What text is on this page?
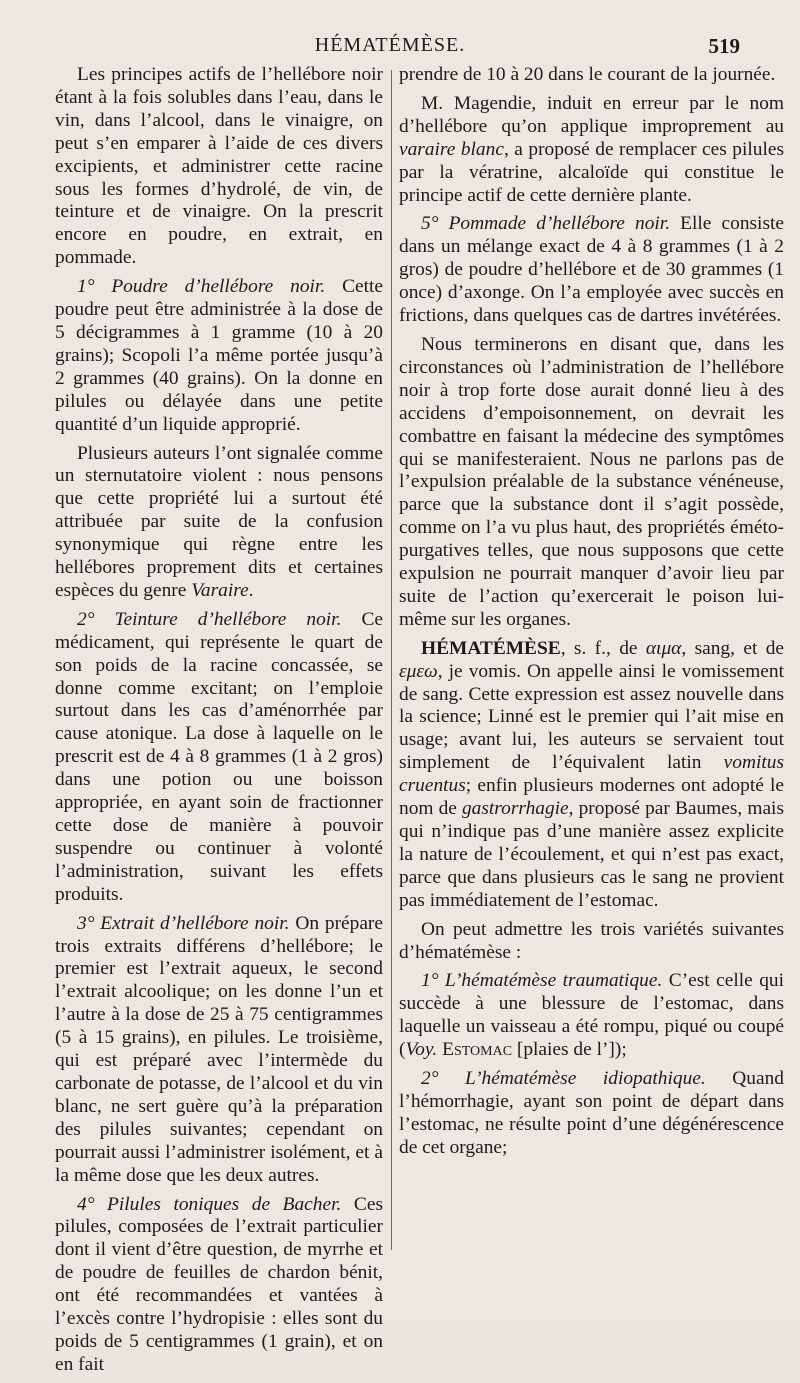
HÉMATÉMÈSE.	519

Les principes actifs de l’hellébore noir étant à la fois solubles dans l’eau, dans le vin, dans l’alcool, dans le vinaigre, on peut s’en emparer à l’aide de ces divers excipients, et administrer cette racine sous les formes d’hydrolé, de vin, de teinture et de vinaigre. On la prescrit encore en poudre, en extrait, en pommade.

1° Poudre d’hellébore noir. Cette poudre peut être administrée à la dose de 5 décigrammes à 1 gramme (10 à 20 grains); Scopoli l’a même portée jusqu’à 2 grammes (40 grains). On la donne en pilules ou délayée dans une petite quantité d’un liquide approprié.

Plusieurs auteurs l’ont signalée comme un sternutatoire violent : nous pensons que cette propriété lui a surtout été attribuée par suite de la confusion synonymique qui règne entre les hellébores proprement dits et certaines espèces du genre Varaire.

2° Teinture d’hellébore noir. Ce médicament, qui représente le quart de son poids de la racine concassée, se donne comme excitant; on l’emploie surtout dans les cas d’aménorrhée par cause atonique. La dose à laquelle on le prescrit est de 4 à 8 grammes (1 à 2 gros) dans une potion ou une boisson appropriée, en ayant soin de fractionner cette dose de manière à pouvoir suspendre ou continuer à volonté l’administration, suivant les effets produits.

3° Extrait d’hellébore noir. On prépare trois extraits différens d’hellébore; le premier est l’extrait aqueux, le second l’extrait alcoolique; on les donne l’un et l’autre à la dose de 25 à 75 centigrammes (5 à 15 grains), en pilules. Le troisième, qui est préparé avec l’intermède du carbonate de potasse, de l’alcool et du vin blanc, ne sert guère qu’à la préparation des pilules suivantes; cependant on pourrait aussi l’administrer isolément, et à la même dose que les deux autres.

4° Pilules toniques de Bacher. Ces pilules, composées de l’extrait particulier dont il vient d’être question, de myrrhe et de poudre de feuilles de chardon bénit, ont été recommandées et vantées à l’excès contre l’hydropisie : elles sont du poids de 5 centigrammes (1 grain), et on en fait

prendre de 10 à 20 dans le courant de la journée.

M. Magendie, induit en erreur par le nom d’hellébore qu’on applique improprement au varaire blanc, a proposé de remplacer ces pilules par la vératrine, alcaloïde qui constitue le principe actif de cette dernière plante.

5° Pommade d’hellébore noir. Elle consiste dans un mélange exact de 4 à 8 grammes (1 à 2 gros) de poudre d’hellébore et de 30 grammes (1 once) d’axonge. On l’a employée avec succès en frictions, dans quelques cas de dartres invétérées.

Nous terminerons en disant que, dans les circonstances où l’administration de l’hellébore noir à trop forte dose aurait donné lieu à des accidens d’empoisonnement, on devrait les combattre en faisant la médecine des symptômes qui se manifesteraient. Nous ne parlons pas de l’expulsion préalable de la substance vénéneuse, parce que la substance dont il s’agit possède, comme on l’a vu plus haut, des propriétés éméto-purgatives telles, que nous supposons que cette expulsion ne pourrait manquer d’avoir lieu par suite de l’action qu’exercerait le poison lui-même sur les organes.

HÉMATÉMÈSE, s. f., de αιμα, sang, et de εμεω, je vomis. On appelle ainsi le vomissement de sang. Cette expression est assez nouvelle dans la science; Linné est le premier qui l’ait mise en usage; avant lui, les auteurs se servaient tout simplement de l’équivalent latin vomitus cruentus; enfin plusieurs modernes ont adopté le nom de gastrorrhagie, proposé par Baumes, mais qui n’indique pas d’une manière assez explicite la nature de l’écoulement, et qui n’est pas exact, parce que dans plusieurs cas le sang ne provient pas immédiatement de l’estomac.

On peut admettre les trois variétés suivantes d’hématémèse :

1° L’hématémèse traumatique. C’est celle qui succède à une blessure de l’estomac, dans laquelle un vaisseau a été rompu, piqué ou coupé (Voy. Estomac [plaies de l’]);

2° L’hématémèse idiopathique. Quand l’hémorrhagie, ayant son point de départ dans l’estomac, ne résulte point d’une dégénérescence de cet organe;
